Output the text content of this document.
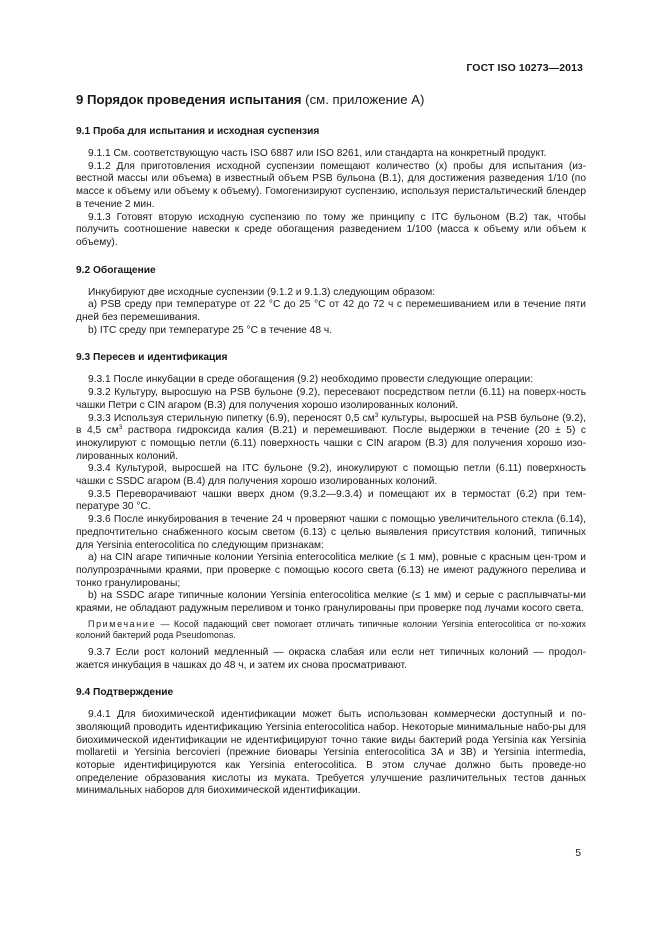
ГОСТ ISO 10273—2013
9 Порядок проведения испытания (см. приложение А)
9.1 Проба для испытания и исходная суспензия

9.1.1 См. соответствующую часть ISO 6887 или ISO 8261, или стандарта на конкретный продукт.

9.1.2 Для приготовления исходной суспензии помещают количество (x) пробы для испытания (из-вестной массы или объема) в известный объем PSB бульона (B.1), для достижения разведения 1/10 (по массе к объему или объему к объему). Гомогенизируют суспензию, используя перистальтический блендер в течение 2 мин.

9.1.3 Готовят вторую исходную суспензию по тому же принципу с ITC бульоном (B.2) так, чтобы получить соотношение навески к среде обогащения разведением 1/100 (масса к объему или объем к объему).

9.2 Обогащение

Инкубируют две исходные суспензии (9.1.2 и 9.1.3) следующим образом:

а) PSB среду при температуре от 22 °С до 25 °С от 42 до 72 ч с перемешиванием или в течение пяти дней без перемешивания.

b) ITC среду при температуре 25 °С в течение 48 ч.

9.3 Пересев и идентификация

9.3.1 После инкубации в среде обогащения (9.2) необходимо провести следующие операции:

9.3.2 Культуру, выросшую на PSB бульоне (9.2), пересевают посредством петли (6.11) на поверх-ность чашки Петри с CIN агаром (B.3) для получения хорошо изолированных колоний.

9.3.3 Используя стерильную пипетку (6.9), переносят 0,5 $см^3$ культуры, выросшей на PSB бульоне (9.2), в 4,5 $см^3$ раствора гидроксида калия (B.21) и перемешивают. После выдержки в течение (20 ± 5) с инокулируют с помощью петли (6.11) поверхность чашки с CIN агаром (B.3) для получения хорошо изо-лированных колоний.

9.3.4 Культурой, выросшей на ITC бульоне (9.2), инокулируют с помощью петли (6.11) поверхность чашки с SSDC агаром (B.4) для получения хорошо изолированных колоний.

9.3.5 Переворачивают чашки вверх дном (9.3.2—9.3.4) и помещают их в термостат (6.2) при тем-пературе 30 °С.

9.3.6 После инкубирования в течение 24 ч проверяют чашки с помощью увеличительного стекла (6.14), предпочтительно снабженного косым светом (6.13) с целью выявления присутствия колоний, типичных для Yersinia enterocolitica по следующим признакам:

а) на CIN агаре типичные колонии Yersinia enterocolitica мелкие (≤ 1 мм), ровные с красным цен-тром и полупрозрачными краями, при проверке с помощью косого света (6.13) не имеют радужного перелива и тонко гранулированы;

b) на SSDC агаре типичные колонии Yersinia enterocolitica мелкие (≤ 1 мм) и серые с расплывчаты-ми краями, не обладают радужным переливом и тонко гранулированы при проверке под лучами косого света.

Примечание — Косой падающий свет помогает отличать типичные колонии Yersinia enterocolitica от по-хожих колоний бактерий рода Pseudomonas.

9.3.7 Если рост колоний медленный — окраска слабая или если нет типичных колоний — продол-жается инкубация в чашках до 48 ч, и затем их снова просматривают.

9.4 Подтверждение

9.4.1 Для биохимической идентификации может быть использован коммерчески доступный и по-зволяющий проводить идентификацию Yersinia enterocolitica набор. Некоторые минимальные набо-ры для биохимической идентификации не идентифицируют точно такие виды бактерий рода Yersinia как Yersinia mollaretii и Yersinia bercovieri (прежние биовары Yersinia enterocolitica 3A и 3B) и Yersinia intermedia, которые идентифицируются как Yersinia enterocolitica. В этом случае должно быть проведе-но определение образования кислоты из муката. Требуется улучшение различительных тестов данных минимальных наборов для биохимической идентификации.

5
